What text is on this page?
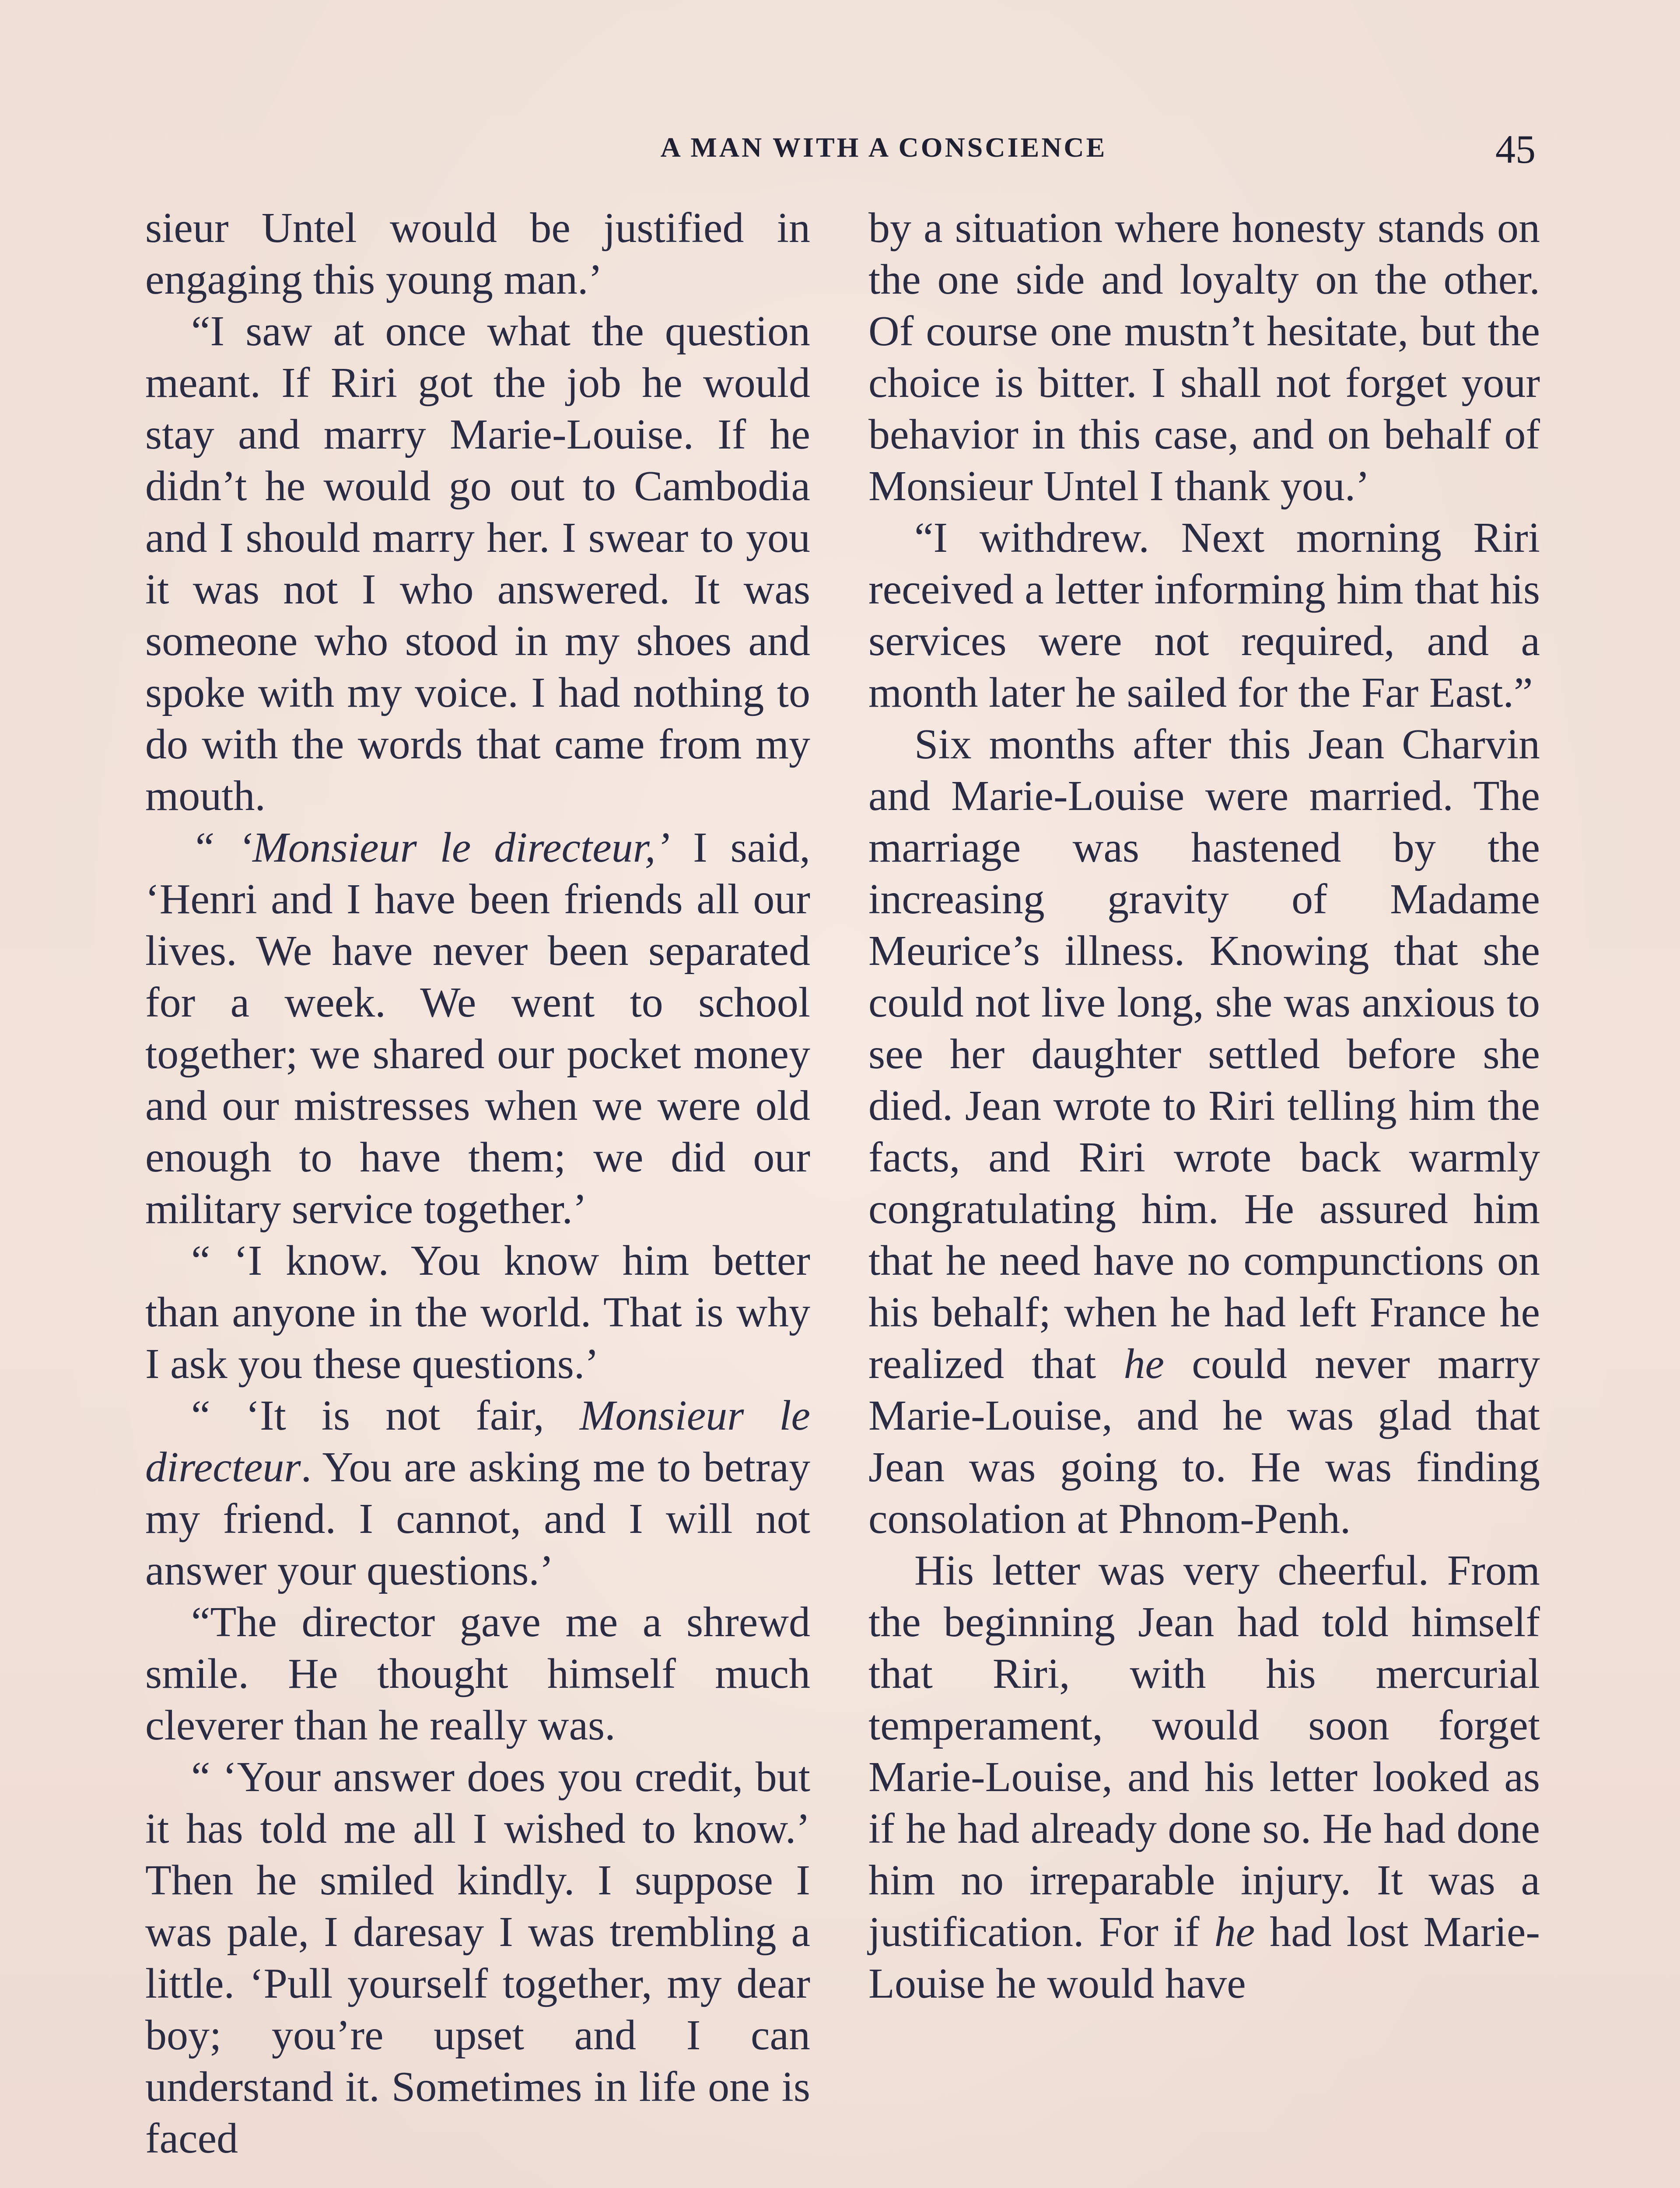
A MAN WITH A CONSCIENCE	45

sieur Untel would be justified in engaging this young man.’

“I saw at once what the question meant. If Riri got the job he would stay and marry Marie-Louise. If he didn’t he would go out to Cambodia and I should marry her. I swear to you it was not I who answered. It was someone who stood in my shoes and spoke with my voice. I had nothing to do with the words that came from my mouth.

“ ‘Monsieur le directeur,’ I said, ‘Henri and I have been friends all our lives. We have never been separated for a week. We went to school together; we shared our pocket money and our mistresses when we were old enough to have them; we did our military service together.’

“ ‘I know. You know him better than anyone in the world. That is why I ask you these questions.’

“ ‘It is not fair, Monsieur le directeur. You are asking me to betray my friend. I cannot, and I will not answer your questions.’

“The director gave me a shrewd smile. He thought himself much cleverer than he really was.

“ ‘Your answer does you credit, but it has told me all I wished to know.’ Then he smiled kindly. I suppose I was pale, I daresay I was trembling a little. ‘Pull yourself together, my dear boy; you’re upset and I can understand it. Sometimes in life one is faced

by a situation where honesty stands on the one side and loyalty on the other. Of course one mustn’t hesitate, but the choice is bitter. I shall not forget your behavior in this case, and on behalf of Monsieur Untel I thank you.’

“I withdrew. Next morning Riri received a letter informing him that his services were not required, and a month later he sailed for the Far East.”

Six months after this Jean Charvin and Marie-Louise were married. The marriage was hastened by the increasing gravity of Madame Meurice’s illness. Knowing that she could not live long, she was anxious to see her daughter settled before she died. Jean wrote to Riri telling him the facts, and Riri wrote back warmly congratulating him. He assured him that he need have no compunctions on his behalf; when he had left France he realized that he could never marry Marie-Louise, and he was glad that Jean was going to. He was finding consolation at Phnom-Penh.

His letter was very cheerful. From the beginning Jean had told himself that Riri, with his mercurial temperament, would soon forget Marie-Louise, and his letter looked as if he had already done so. He had done him no irreparable injury. It was a justification. For if he had lost Marie-Louise he would have
